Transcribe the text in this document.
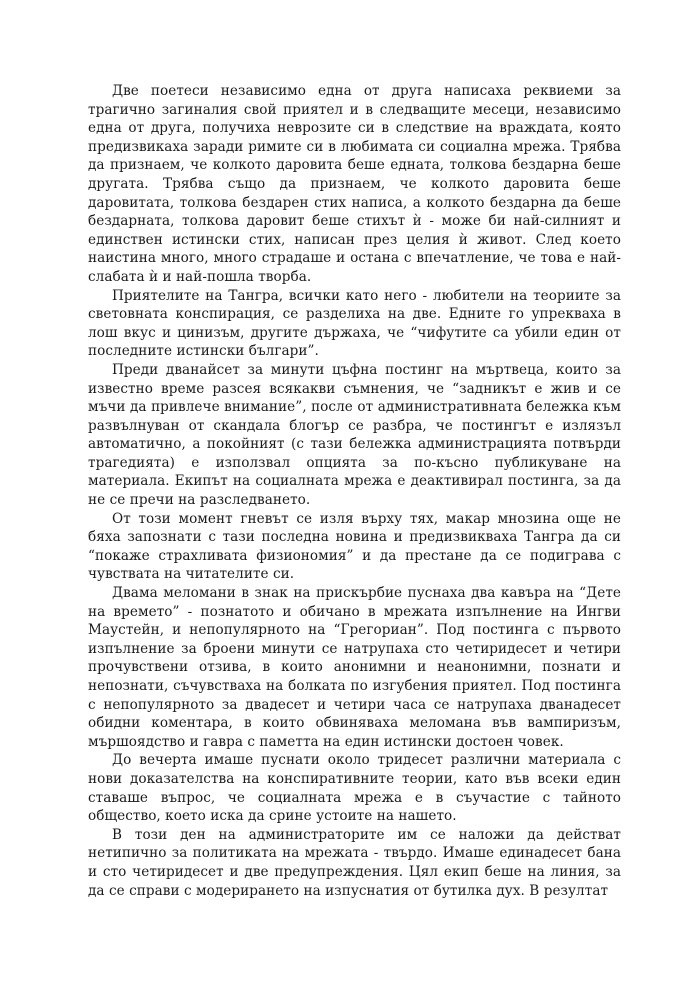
Две поетеси независимо една от друга написаха реквиеми за трагично загиналия свой приятел и в следващите месеци, независимо една от друга, получиха неврозите си в следствие на враждата, която предизвикаха заради римите си в любимата си социална мрежа. Трябва да признаем, че колкото даровита беше едната, толкова бездарна беше другата. Трябва също да признаем, че колкото даровита беше даровитата, толкова бездарен стих написа, а колкото бездарна да беше бездарната, толкова даровит беше стихът ѝ - може би най-силният и единствен истински стих, написан през целия ѝ живот. След което наистина много, много страдаше и остана с впечатление, че това е най-слабата ѝ и най-пошла творба.

Приятелите на Тангра, всички като него - любители на теориите за световната конспирация, се разделиха на две. Едните го упрекваха в лош вкус и цинизъм, другите държаха, че “чифутите са убили един от последните истински българи”.

Преди дванайсет за минути цъфна постинг на мъртвеца, които за известно време разсея всякакви съмнения, че “задникът е жив и се мъчи да привлече внимание”, после от административната бележка към развълнуван от скандала блогър се разбра, че постингът е излязъл автоматично, а покойният (с тази бележка администрацията потвърди трагедията) е използвал опцията за по-късно публикуване на материала. Екипът на социалната мрежа е деактивирал постинга, за да не се пречи на разследването.

От този момент гневът се изля върху тях, макар мнозина още не бяха запознати с тази последна новина и предизвикваха Тангра да си “покаже страхливата физиономия” и да престане да се подиграва с чувствата на читателите си.

Двама меломани в знак на прискърбие пуснаха два кавъра на “Дете на времето” - познатото и обичано в мрежата изпълнение на Ингви Маустейн, и непопулярното на “Грегориан”. Под постинга с първото изпълнение за броени минути се натрупаха сто четиридесет и четири прочувствени отзива, в които анонимни и неанонимни, познати и непознати, съчувстваха на болката по изгубения приятел. Под постинга с непопулярното за двадесет и четири часа се натрупаха дванадесет обидни коментара, в които обвиняваха меломана във вампиризъм, мършоядство и гавра с паметта на един истински достоен човек.

До вечерта имаше пуснати около тридесет различни материала с нови доказателства на конспиративните теории, като във всеки един ставаше въпрос, че социалната мрежа е в съучастие с тайното общество, което иска да срине устоите на нашето.

В този ден на администраторите им се наложи да действат нетипично за политиката на мрежата - твърдо. Имаше единадесет бана и сто четиридесет и две предупреждения. Цял екип беше на линия, за да се справи с модерирането на изпуснатия от бутилка дух. В резултат
